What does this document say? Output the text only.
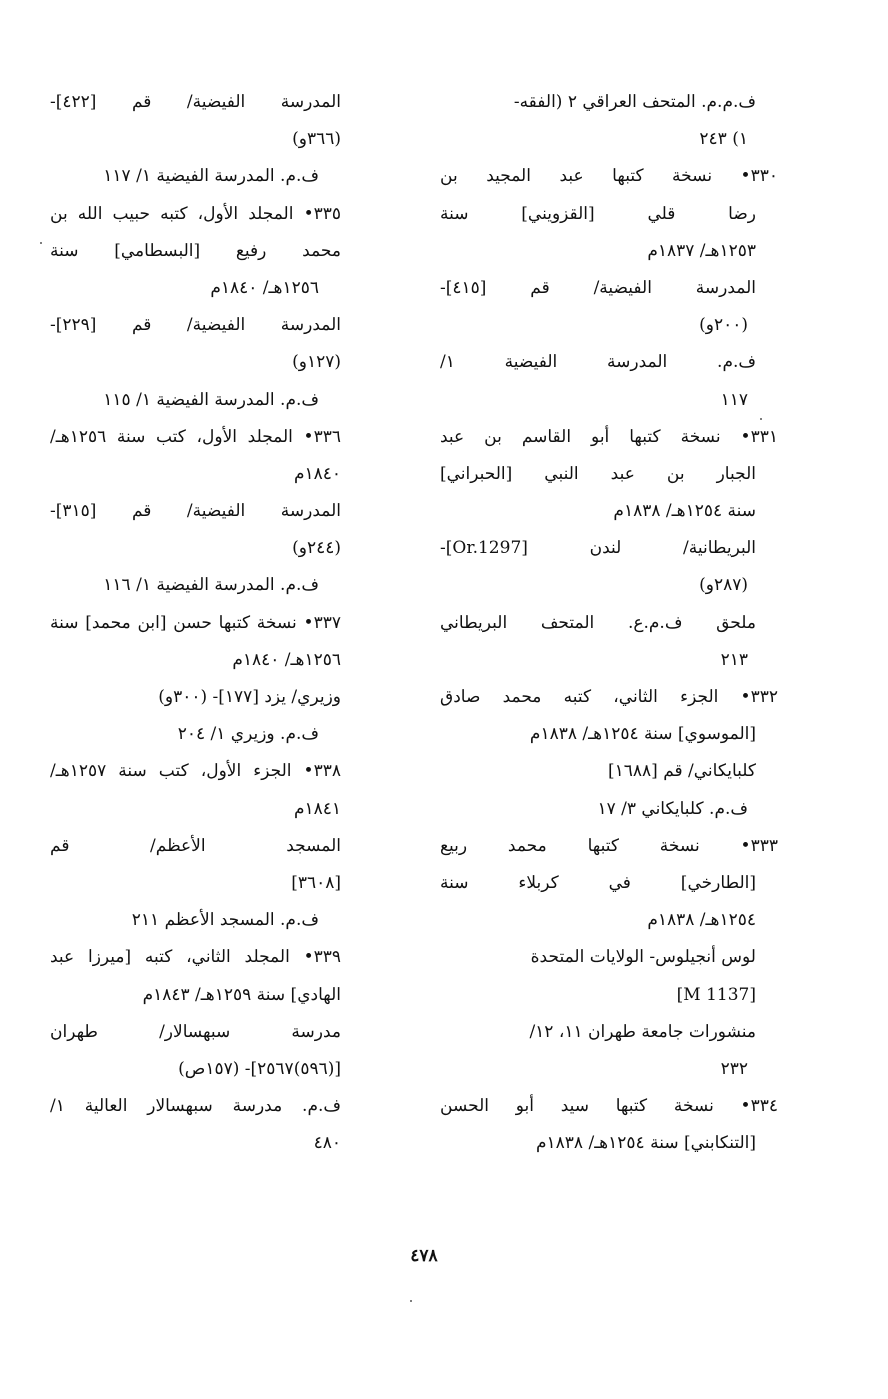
ف.م.م. المتحف العراقي ٢ (الفقه-
١) ٢٤٣
٣٣٠• نسخة كتبها عبد المجيد بن
رضا قلي [القزويني] سنة
١٢٥٣هـ/ ١٨٣٧م
المدرسة الفيضية/ قم [٤١٥]-
(٢٠٠و)
ف.م. المدرسة الفيضية ١/
١١٧
٣٣١• نسخة كتبها أبو القاسم بن عبد
الجبار بن عبد النبي [الحبراني]
سنة ١٢٥٤هـ/ ١٨٣٨م
البريطانية/ لندن [Or.1297]-
(٢٨٧و)
ملحق ف.م.ع. المتحف البريطاني
٢١٣
٣٣٢• الجزء الثاني، كتبه محمد صادق
[الموسوي] سنة ١٢٥٤هـ/ ١٨٣٨م
كلبايكاني/ قم [١٦٨٨]
ف.م. كلبايكاني ٣/ ١٧
٣٣٣• نسخة كتبها محمد ربيع
[الطارخي] في كربلاء سنة
١٢٥٤هـ/ ١٨٣٨م
لوس أنجيلوس- الولايات المتحدة
[M 1137]
منشورات جامعة طهران ١١، ١٢/
٢٣٢
٣٣٤• نسخة كتبها سيد أبو الحسن
[التنكابني] سنة ١٢٥٤هـ/ ١٨٣٨م
المدرسة الفيضية/ قم [٤٢٢]-
(٣٦٦و)
ف.م. المدرسة الفيضية ١/ ١١٧
٣٣٥• المجلد الأول، كتبه حبيب الله بن
محمد رفيع [البسطامي] سنة
١٢٥٦هـ/ ١٨٤٠م
المدرسة الفيضية/ قم [٢٢٩]-
(١٢٧و)
ف.م. المدرسة الفيضية ١/ ١١٥
٣٣٦• المجلد الأول، كتب سنة ١٢٥٦هـ/
١٨٤٠م
المدرسة الفيضية/ قم [٣١٥]-
(٢٤٤و)
ف.م. المدرسة الفيضية ١/ ١١٦
٣٣٧• نسخة كتبها حسن [ابن محمد] سنة
١٢٥٦هـ/ ١٨٤٠م
وزيري/ يزد [١٧٧]- (٣٠٠و)
ف.م. وزيري ١/ ٢٠٤
٣٣٨• الجزء الأول، كتب سنة ١٢٥٧هـ/
١٨٤١م
المسجد الأعظم/ قم
[٣٦٠٨]
ف.م. المسجد الأعظم ٢١١
٣٣٩• المجلد الثاني، كتبه [ميرزا عبد
الهادي] سنة ١٢٥٩هـ/ ١٨٤٣م
مدرسة سبهسالار/ طهران
[(٥٩٦)٢٥٦٧]- (١٥٧ص)
ف.م. مدرسة سبهسالار العالية ١/
٤٨٠
٤٧٨
